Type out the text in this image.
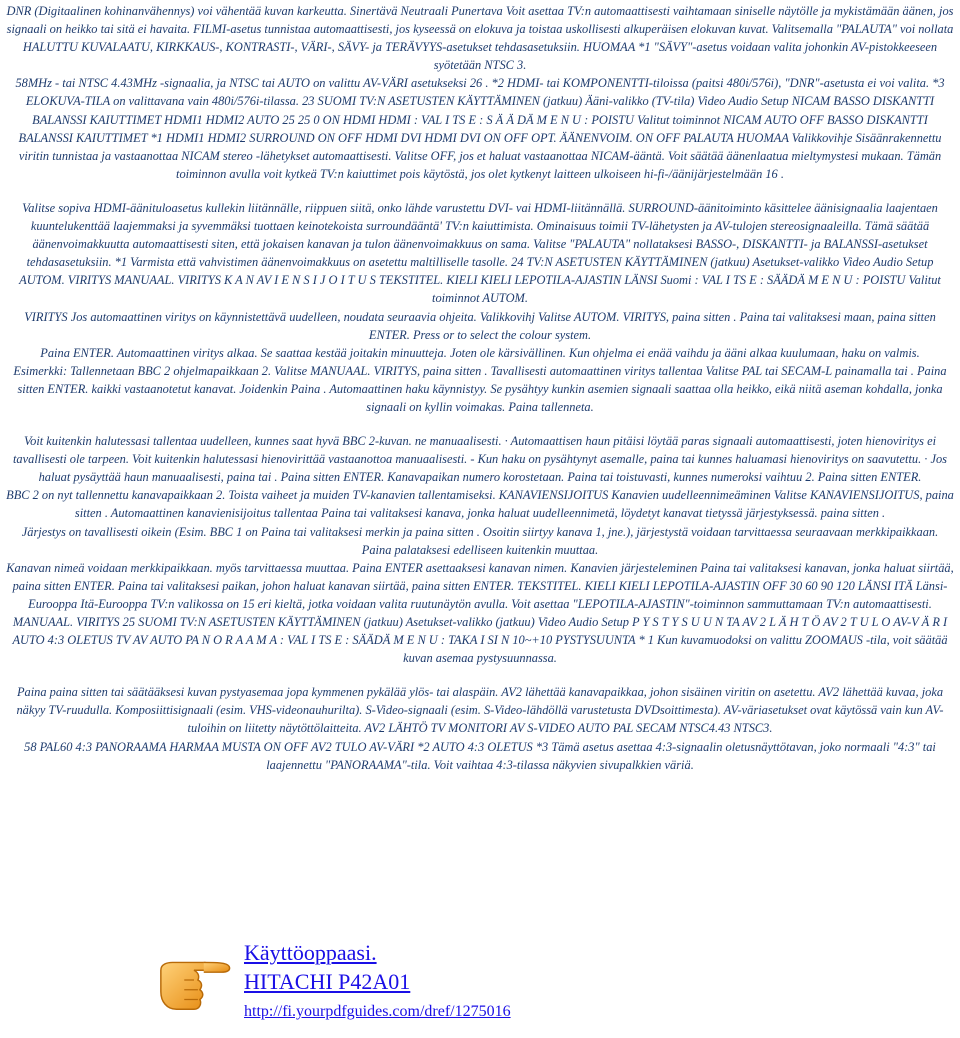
DNR (Digitaalinen kohinanvähennys) voi vähentää kuvan karkeutta. Sinertävä Neutraali Punertava Voit asettaa TV:n automaattisesti vaihtamaan siniselle näytölle ja mykistämään äänen, jos signaali on heikko tai sitä ei havaita. FILMI-asetus tunnistaa automaattisesti, jos kyseessä on elokuva ja toistaa uskollisesti alkuperäisen elokuvan kuvat. Valitsemalla "PALAUTA" voi nollata HALUTTU KUVALAATU, KIRKKAUS-, KONTRASTI-, VÄRI-, SÄVY- ja TERÄVYYS-asetukset tehdasasetuksiin. HUOMAA *1 "SÄVY"-asetus voidaan valita johonkin AV-pistokkeeseen syötetään NTSC 3.

58MHz - tai NTSC 4.43MHz -signaalia, ja NTSC tai AUTO on valittu AV-VÄRI asetukseksi 26 . *2 HDMI- tai KOMPONENTTI-tiloissa (paitsi 480i/576i), "DNR"-asetusta ei voi valita. *3 ELOKUVA-TILA on valittavana vain 480i/576i-tilassa. 23 SUOMI TV:N ASETUSTEN KÄYTTÄMINEN (jatkuu) Ääni-valikko (TV-tila) Video Audio Setup NICAM BASSO DISKANTTI BALANSSI KAIUTTIMET HDMI1 HDMI2 AUTO 25 25 0 ON HDMI HDMI : VAL I TS E : S Ä Ä DÄ M E N U : POISTU Valitut toiminnot NICAM AUTO OFF BASSO DISKANTTI BALANSSI KAIUTTIMET *1 HDMI1 HDMI2 SURROUND ON OFF HDMI DVI HDMI DVI ON OFF OPT. ÄÄNENVOIM. ON OFF PALAUTA HUOMAA Valikkovihje Sisäänrakennettu viritin tunnistaa ja vastaanottaa NICAM stereo -lähetykset automaattisesti. Valitse OFF, jos et haluat vastaanottaa NICAM-ääntä. Voit säätää äänenlaatua mieltymystesi mukaan. Tämän toiminnon avulla voit kytkeä TV:n kaiuttimet pois käytöstä, jos olet kytkenyt laitteen ulkoiseen hi-fi-/äänijärjestelmään 16 .

Valitse sopiva HDMI-äänituloasetus kullekin liitännälle, riippuen siitä, onko lähde varustettu DVI- vai HDMI-liitännällä. SURROUND-äänitoiminto käsittelee äänisignaalia laajentaen kuuntelukenttää laajemmaksi ja syvemmäksi tuottaen keinotekoista surroundääntä' TV:n kaiuttimista. Ominaisuus toimii TV-lähetysten ja AV-tulojen stereosignaaleilla. Tämä säätää äänenvoimakkuutta automaattisesti siten, että jokaisen kanavan ja tulon äänenvoimakkuus on sama. Valitse "PALAUTA" nollataksesi BASSO-, DISKANTTI- ja BALANSSI-asetukset tehdasasetuksiin. *1 Varmista että vahvistimen äänenvoimakkuus on asetettu maltilliselle tasolle. 24 TV:N ASETUSTEN KÄYTTÄMINEN (jatkuu) Asetukset-valikko Video Audio Setup AUTOM. VIRITYS MANUAAL. VIRITYS K A N AV I E N S I J O I T U S TEKSTITEL. KIELI KIELI LEPOTILA-AJASTIN LÄNSI Suomi : VAL I TS E : SÄÄDÄ M E N U : POISTU Valitut toiminnot AUTOM.

VIRITYS Jos automaattinen viritys on käynnistettävä uudelleen, noudata seuraavia ohjeita. Valikkovihj Valitse AUTOM. VIRITYS, paina sitten . Paina tai valitaksesi maan, paina sitten ENTER. Press or to select the colour system.

Paina ENTER. Automaattinen viritys alkaa. Se saattaa kestää joitakin minuutteja. Joten ole kärsivällinen. Kun ohjelma ei enää vaihdu ja ääni alkaa kuulumaan, haku on valmis.

Esimerkki: Tallennetaan BBC 2 ohjelmapaikkaan 2. Valitse MANUAAL. VIRITYS, paina sitten . Tavallisesti automaattinen viritys tallentaa Valitse PAL tai SECAM-L painamalla tai . Paina sitten ENTER. kaikki vastaanotetut kanavat. Joidenkin Paina . Automaattinen haku käynnistyy. Se pysähtyy kunkin asemien signaali saattaa olla heikko, eikä niitä aseman kohdalla, jonka signaali on kyllin voimakas. Paina tallenneta.

Voit kuitenkin halutessasi tallentaa uudelleen, kunnes saat hyvä BBC 2-kuvan. ne manuaalisesti. · Automaattisen haun pitäisi löytää paras signaali automaattisesti, joten hienoviritys ei tavallisesti ole tarpeen. Voit kuitenkin halutessasi hienovirittää vastaanottoa manuaalisesti. - Kun haku on pysähtynyt asemalle, paina tai kunnes haluamasi hienoviritys on saavutettu. · Jos haluat pysäyttää haun manuaalisesti, paina tai . Paina sitten ENTER. Kanavapaikan numero korostetaan. Paina tai toistuvasti, kunnes numeroksi vaihtuu 2. Paina sitten ENTER.

BBC 2 on nyt tallennettu kanavapaikkaan 2. Toista vaiheet ja muiden TV-kanavien tallentamiseksi. KANAVIENSIJOITUS Kanavien uudelleennimeäminen Valitse KANAVIENSIJOITUS, paina sitten . Automaattinen kanavienisijoitus tallentaa Paina tai valitaksesi kanava, jonka haluat uudelleennimetä, löydetyt kanavat tietyssä järjestyksessä. paina sitten .

Järjestys on tavallisesti oikein (Esim. BBC 1 on Paina tai valitaksesi merkin ja paina sitten . Osoitin siirtyy kanava 1, jne.), järjestystä voidaan tarvittaessa seuraavaan merkkipaikkaan. Paina palataksesi edelliseen kuitenkin muuttaa.

Kanavan nimeä voidaan merkkipaikkaan. myös tarvittaessa muuttaa. Paina ENTER asettaaksesi kanavan nimen. Kanavien järjesteleminen Paina tai valitaksesi kanavan, jonka haluat siirtää, paina sitten ENTER. Paina tai valitaksesi paikan, johon haluat kanavan siirtää, paina sitten ENTER. TEKSTITEL. KIELI KIELI LEPOTILA-AJASTIN OFF 30 60 90 120 LÄNSI ITÄ Länsi-Eurooppa Itä-Eurooppa TV:n valikossa on 15 eri kieltä, jotka voidaan valita ruutunäytön avulla. Voit asettaa "LEPOTILA-AJASTIN"-toiminnon sammuttamaan TV:n automaattisesti. MANUAAL. VIRITYS 25 SUOMI TV:N ASETUSTEN KÄYTTÄMINEN (jatkuu) Asetukset-valikko (jatkuu) Video Audio Setup P Y S T Y S U U N TA AV 2 L Ä H T Ö AV 2 T U L O AV-V Ä R I AUTO 4:3 OLETUS TV AV AUTO PA N O R A A M A : VAL I TS E : SÄÄDÄ M E N U : TAKA I SI N 10~+10 PYSTYSUUNTA * 1 Kun kuvamuodoksi on valittu ZOOMAUS -tila, voit säätää kuvan asemaa pystysuunnassa.

Paina paina sitten tai säätääksesi kuvan pystyasemaa jopa kymmenen pykälää ylös- tai alaspäin. AV2 lähettää kanavapaikkaa, johon sisäinen viritin on asetettu. AV2 lähettää kuvaa, joka näkyy TV-ruudulla. Komposiittisignaali (esim. VHS-videonauhurilta). S-Video-signaali (esim. S-Video-lähdöllä varustetusta DVDsoittimesta). AV-väriasetukset ovat käytössä vain kun AV-tuloihin on liitetty näytöttölaitteita. AV2 LÄHTÖ TV MONITORI AV S-VIDEO AUTO PAL SECAM NTSC4.43 NTSC3.

58 PAL60 4:3 PANORAAMA HARMAA MUSTA ON OFF AV2 TULO AV-VÄRI *2 AUTO 4:3 OLETUS *3 Tämä asetus asettaa 4:3-signaalin oletusnäyttötavan, joko normaali "4:3" tai laajennettu "PANORAAMA"-tila. Voit vaihtaa 4:3-tilassa näkyvien sivupalkkien väriä.

Käyttöoppaasi.
HITACHI P42A01
http://fi.yourpdfguides.com/dref/1275016
